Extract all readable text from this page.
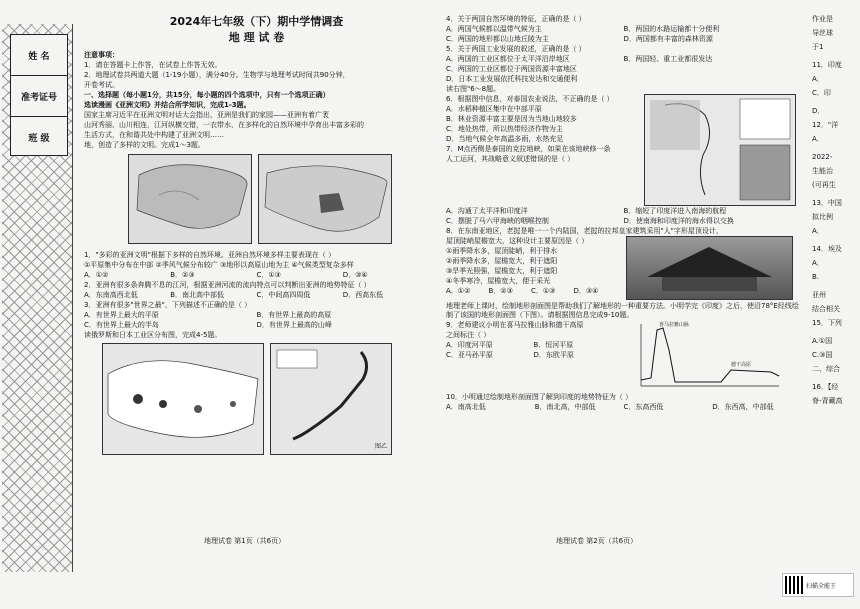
姓 名
准考证号
班 级
2024年七年级（下）期中学情调查
地 理 试 卷
注意事项：
1．请在答题卡上作答，在试卷上作答无效。
2．地理试卷共两道大题（1-19小题），满分40分。生物学与地理考试时间共90分钟，
开卷考试。
一、选择题（每小题1分，共15分，每小题的四个选项中，只有一个选项正确）
选读漫画《亚洲文明》并结合所学知识，完成1-3题。
国家主席习近平在亚洲文明对话大会指出，亚洲是我们的家园——亚洲有着广袤
山河秀丽、山川相连，江河纵横交错，一衣带水，在多样化的自然环境中孕育出丰富多彩的
生活方式，在和谐共处中构建了亚洲文明……
地，创造了多样的文明。完成1～3题。
1．"多彩的亚洲文明"根据下多样的自然环境。亚洲自然环境多样主要表现在（ ）
①平原集中分布在中部 ②季风气候分布较广 ③地形以高原山地为主 ④气候类型复杂多样
A．①②	B．②③	C．①③	D．③④
2．亚洲有很多条奔腾不息的江河，根据亚洲河流的流向特点可以判断出亚洲的地势特征（ ）
A．东南高西北低	B．南北高中部低	C．中间高四周低	D．西高东低
3．亚洲有很多"世界之最"，下列描述不正确的是（ ）
A．有世界上最大的平原	B．有世界上最高的高原
C．有世界上最大的半岛	D．有世界上最高的山峰
读俄罗斯和日本工业区分布图，完成4-5题。
图乙
地理试卷 第1页（共6页）
4．关于两国自然环境的特征，正确的是（ ）
A．两国气候都以温带气候为主	B．两国的水路运输都十分便利
C．两国的地形都以山地丘陵为主	D．两国都有丰富的森林资源
5．关于两国工业发展的叙述，正确的是（ ）
A．两国的工业区都位于太平洋沿岸地区	B．两国轻、重工业都很发达
C．两国的工业区都位于两国资源丰富地区
D．日本工业发展依托科技发达和交通便利
读右图"6～8题。
6．根据图中信息，对泰国农业说法，不正确的是（ ）
A．水稻种植区集中在中部平原
B．林业资源丰富主要是因为当地山地较多
C．地处热带，所以热带经济作物为主
D．当地气候全年高温多雨，水热充足
7．M点西侧是泰国的克拉地峡，如果在该地峡修一条
人工运河，其战略意义叙述错误的是（ ）
A．沟通了太平洋和印度洋	B．缩短了印度洋进入南海的航程
C．摆脱了马六甲海峡的咽喉控制	D．使南海和印度洋的海水得以交换
8．在东南亚地区，老挝是唯一一个内陆国，老挝的拉邦皇家建筑采用"人"字形屋顶设计，
屋顶陡峭屋檐宽大，这种设计主要原因是（ ）
①雨季降水多，屋顶陡峭，利于排水
②雨季降水多，屋檐宽大，利于遮阳
③旱季光照强，屋檐宽大，利于遮阳
④冬季寒冷，屋檐宽大，便于采光
A．①②	B．②③	C．①③	D．③④
地理老师上课时，绘制地形剖面图是帮助我们了解地形的一种重要方法。小明学完《印度》之后，使沿78°E经线绘制了该国的地形剖面图（下图）。请根据图信息完成9-10题。
9．老师建议小明在喜马拉雅山脉和德干高原
之间标注（ ）
A．印度河平原	B．恒河平原
C．亚马孙平原	D．东欧平原
喜马拉雅山脉
德干高原
10．小明通过绘制地形剖面图了解到印度的地势特征为（ ）
A．南高北低	B．南北高，中部低	C．东高西低	D．东西高，中部低
地理试卷 第2页（共6页）
作业是
导丝球
于1
11．印度
A．
C．印
D．
12．"洋
A．
2022-
生能治
(可再生
13．中国
拟比例
A．
14．埃及
A．
B.
亚州
结合相关
15．下列
A.①国
C.③国
二、综合
16．【经
脊-背藏高
扫描全能王
